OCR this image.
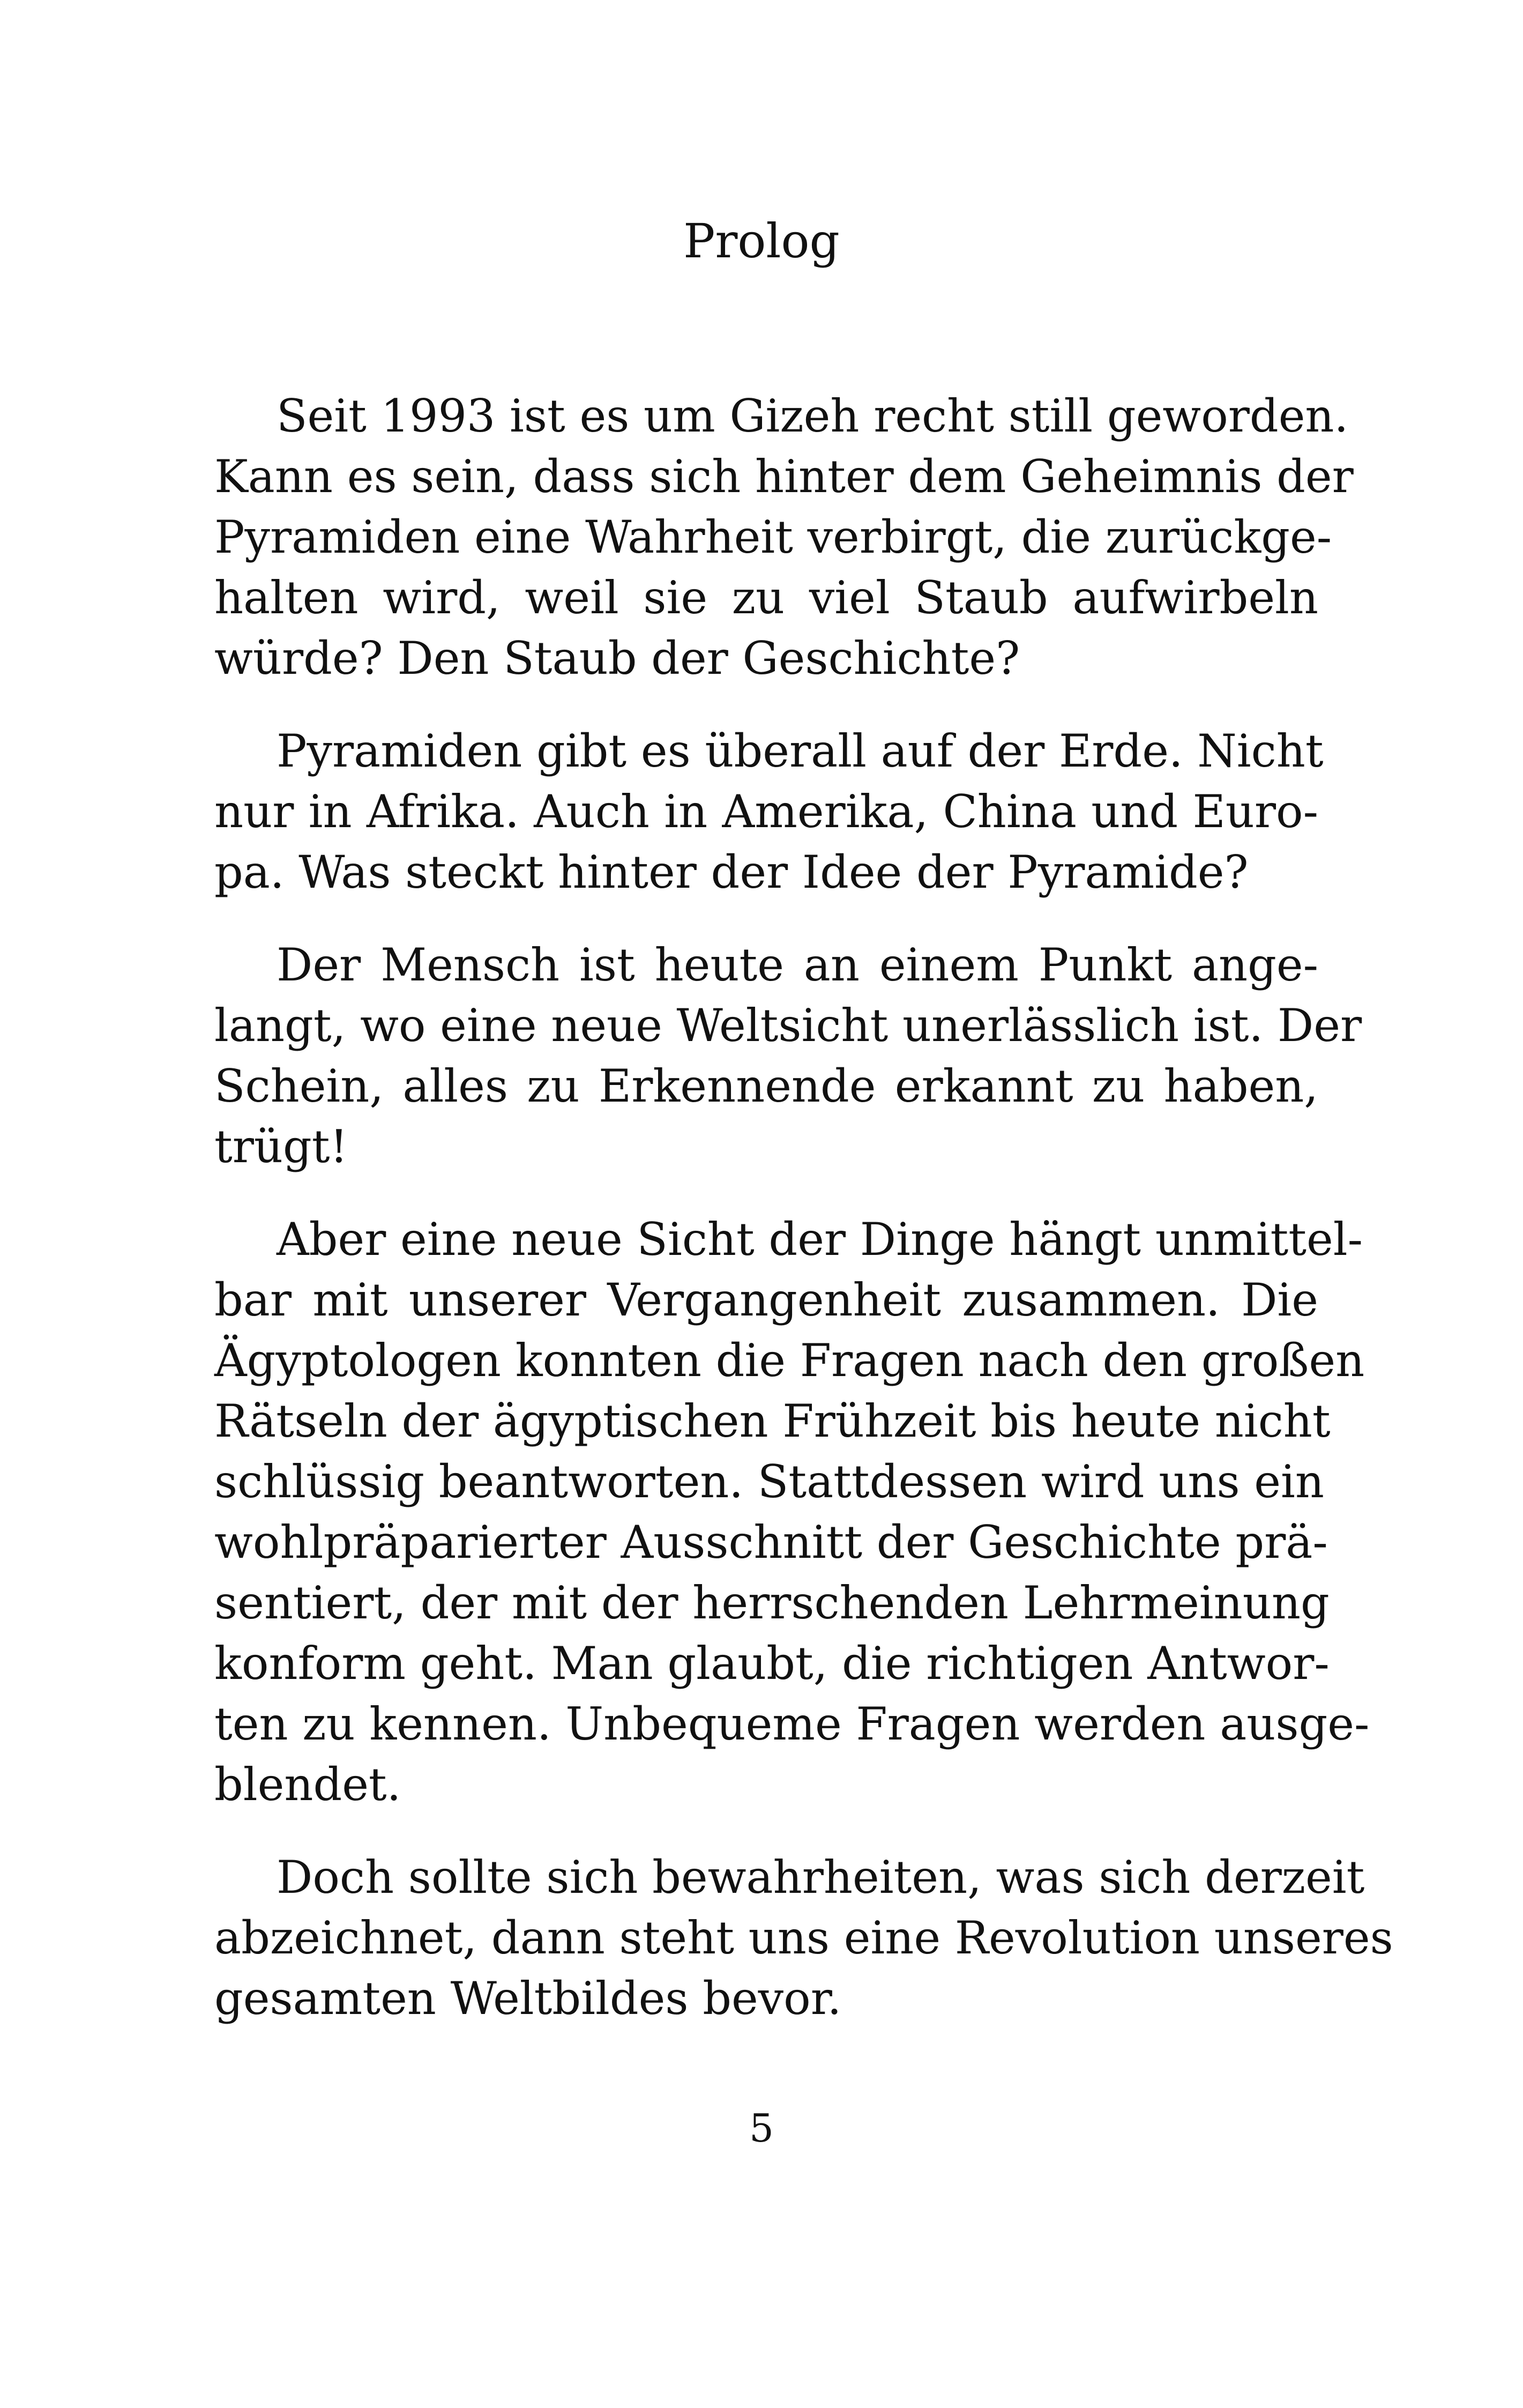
Prolog

Seit 1993 ist es um Gizeh recht still geworden.
Kann es sein, dass sich hinter dem Geheimnis der
Pyramiden eine Wahrheit verbirgt, die zurückge-
halten wird, weil sie zu viel Staub aufwirbeln
würde? Den Staub der Geschichte?

Pyramiden gibt es überall auf der Erde. Nicht
nur in Afrika. Auch in Amerika, China und Euro-
pa. Was steckt hinter der Idee der Pyramide?

Der Mensch ist heute an einem Punkt ange-
langt, wo eine neue Weltsicht unerlässlich ist. Der
Schein, alles zu Erkennende erkannt zu haben,
trügt!

Aber eine neue Sicht der Dinge hängt unmittel-
bar mit unserer Vergangenheit zusammen. Die
Ägyptologen konnten die Fragen nach den großen
Rätseln der ägyptischen Frühzeit bis heute nicht
schlüssig beantworten. Stattdessen wird uns ein
wohlpräparierter Ausschnitt der Geschichte prä-
sentiert, der mit der herrschenden Lehrmeinung
konform geht. Man glaubt, die richtigen Antwor-
ten zu kennen. Unbequeme Fragen werden ausge-
blendet.

Doch sollte sich bewahrheiten, was sich derzeit
abzeichnet, dann steht uns eine Revolution unseres
gesamten Weltbildes bevor.

5
